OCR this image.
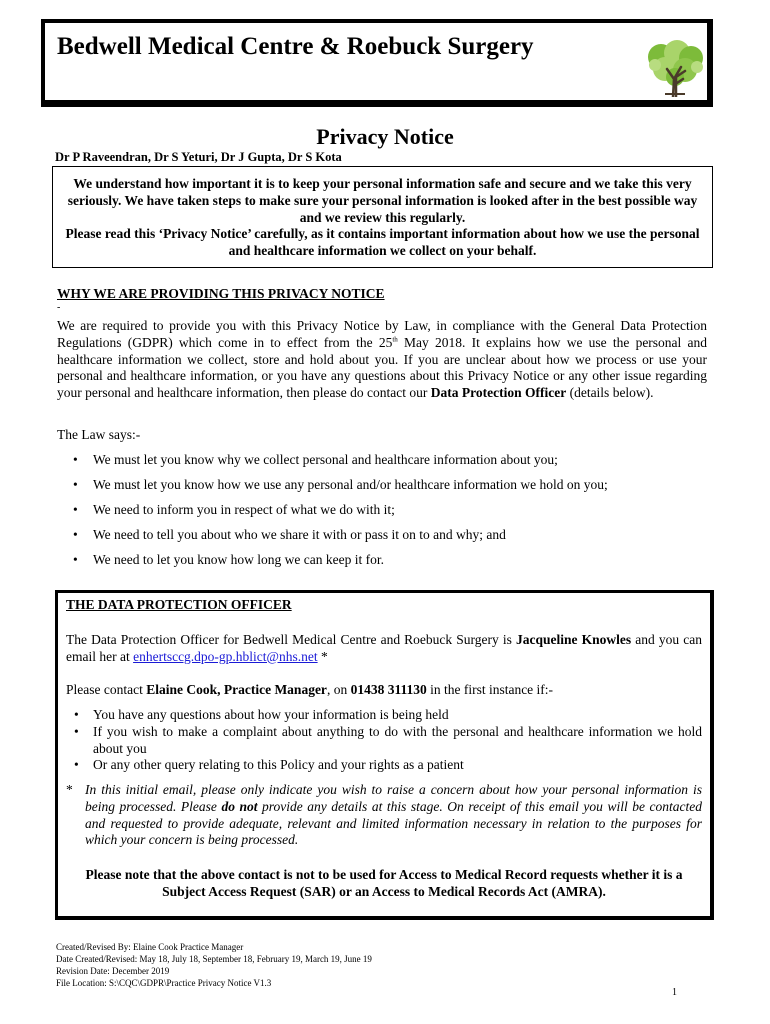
Bedwell Medical Centre & Roebuck Surgery
Privacy Notice
Dr P Raveendran, Dr S Yeturi, Dr J Gupta, Dr S Kota

We understand how important it is to keep your personal information safe and secure and we take this very seriously. We have taken steps to make sure your personal information is looked after in the best possible way and we review this regularly.

Please read this ‘Privacy Notice’ carefully, as it contains important information about how we use the personal and healthcare information we collect on your behalf.

WHY WE ARE PROVIDING THIS PRIVACY NOTICE
-

We are required to provide you with this Privacy Notice by Law, in compliance with the General Data Protection Regulations (GDPR) which come in to effect from the 25th May 2018. It explains how we use the personal and healthcare information we collect, store and hold about you. If you are unclear about how we process or use your personal and healthcare information, or you have any questions about this Privacy Notice or any other issue regarding your personal and healthcare information, then please do contact our Data Protection Officer (details below).

The Law says:-
• We must let you know why we collect personal and healthcare information about you;
• We must let you know how we use any personal and/or healthcare information we hold on you;
• We need to inform you in respect of what we do with it;
• We need to tell you about who we share it with or pass it on to and why; and
• We need to let you know how long we can keep it for.
THE DATA PROTECTION OFFICER
The Data Protection Officer for Bedwell Medical Centre and Roebuck Surgery is Jacqueline Knowles and you can email her at enhertsccg.dpo-gp.hblict@nhs.net *
Please contact Elaine Cook, Practice Manager, on 01438 311130 in the first instance if:-
• You have any questions about how your information is being held
• If you wish to make a complaint about anything to do with the personal and healthcare information we hold about you
• Or any other query relating to this Policy and your rights as a patient
* In this initial email, please only indicate you wish to raise a concern about how your personal information is being processed. Please do not provide any details at this stage. On receipt of this email you will be contacted and requested to provide adequate, relevant and limited information necessary in relation to the purposes for which your concern is being processed.
Please note that the above contact is not to be used for Access to Medical Record requests whether it is a Subject Access Request (SAR) or an Access to Medical Records Act (AMRA).
Created/Revised By: Elaine Cook Practice Manager
Date Created/Revised: May 18, July 18, September 18, February 19, March 19, June 19
Revision Date: December 2019
File Location: S:\CQC\GDPR\Practice Privacy Notice V1.3
1
